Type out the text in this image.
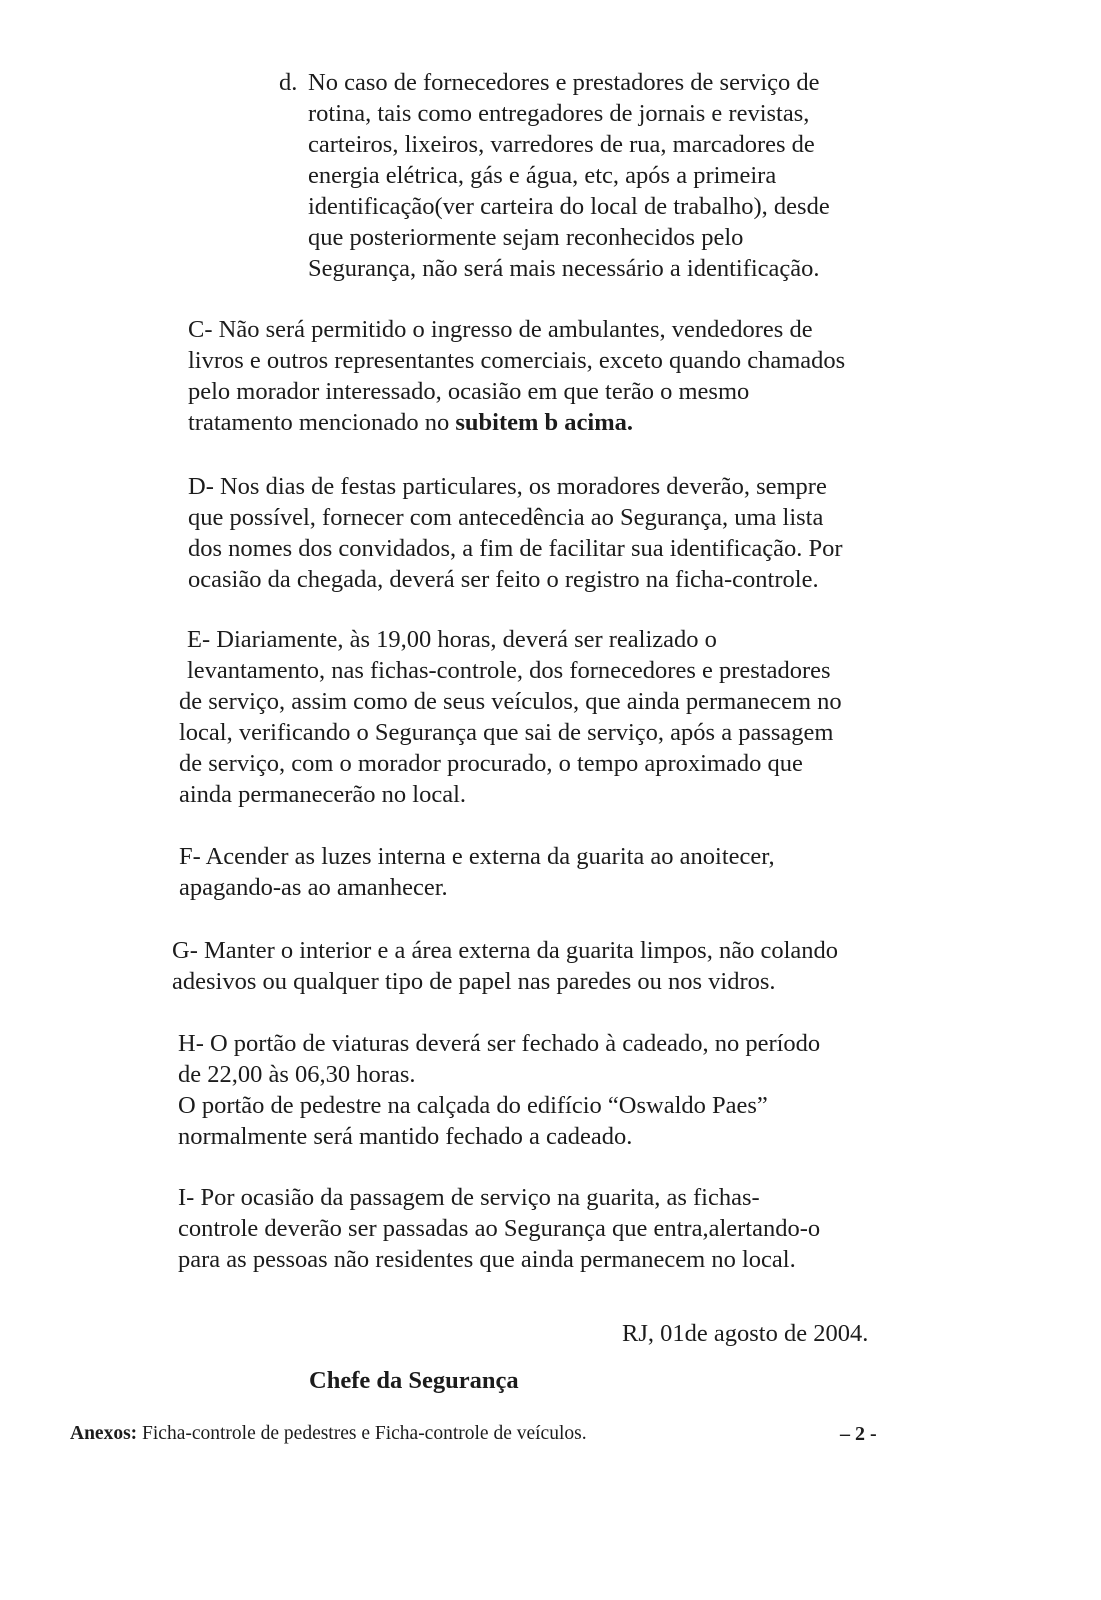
d. No caso de fornecedores e prestadores de serviço de

rotina, tais como entregadores de jornais e revistas,

carteiros, lixeiros, varredores de rua, marcadores de

energia elétrica, gás e água, etc, após a primeira

identificação(ver carteira do local de trabalho), desde

que posteriormente sejam reconhecidos pelo

Segurança, não será mais necessário a identificação.

C- Não será permitido o ingresso de ambulantes, vendedores de

livros e outros representantes comerciais, exceto quando chamados

pelo morador interessado, ocasião em que terão o mesmo

tratamento mencionado no subitem b acima.

D- Nos dias de festas particulares, os moradores deverão, sempre

que possível, fornecer com antecedência ao Segurança, uma lista

dos nomes dos convidados, a fim de facilitar sua identificação. Por

ocasião da chegada, deverá ser feito o registro na ficha-controle.

E- Diariamente, às 19,00 horas, deverá ser realizado o

levantamento, nas fichas-controle, dos fornecedores e prestadores

de serviço, assim como de seus veículos, que ainda permanecem no

local, verificando o Segurança que sai de serviço, após a passagem

de serviço, com o morador procurado, o tempo aproximado que

ainda permanecerão no local.

F- Acender as luzes interna e externa da guarita ao anoitecer,

apagando-as ao amanhecer.

G- Manter o interior e a área externa da guarita limpos, não colando

adesivos ou qualquer tipo de papel nas paredes ou nos vidros.

H- O portão de viaturas deverá ser fechado à cadeado, no período

de 22,00 às 06,30 horas.

O portão de pedestre na calçada do edifício “Oswaldo Paes”

normalmente será mantido fechado a cadeado.

I- Por ocasião da passagem de serviço na guarita, as fichas-

controle deverão ser passadas ao Segurança que entra,alertando-o

para as pessoas não residentes que ainda permanecem no local.

RJ, 01de agosto de 2004.
Chefe da Segurança
Anexos: Ficha-controle de pedestres e Ficha-controle de veículos.	– 2 -
